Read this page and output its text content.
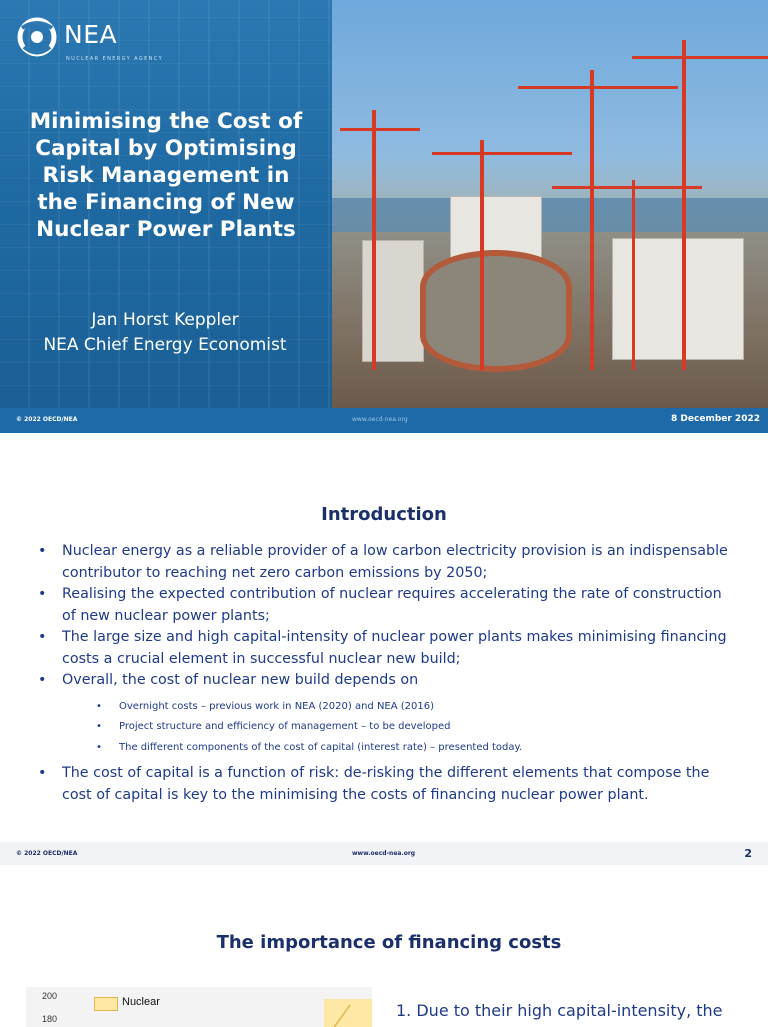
NEA
NUCLEAR ENERGY AGENCY
Minimising the Cost of
Capital by Optimising
Risk Management in
the Financing of New
Nuclear Power Plants
Jan Horst Keppler
NEA Chief Energy Economist
© 2022 OECD/NEA	www.oecd-nea.org	8 December 2022
Introduction
• Nuclear energy as a reliable provider of a low carbon electricity provision is an indispensable contributor to reaching net zero carbon emissions by 2050;
• Realising the expected contribution of nuclear requires accelerating the rate of construction of new nuclear power plants;
• The large size and high capital-intensity of nuclear power plants makes minimising financing costs a crucial element in successful nuclear new build;
• Overall, the cost of nuclear new build depends on
• Overnight costs – previous work in NEA (2020) and NEA (2016)
• Project structure and efficiency of management – to be developed
• The different components of the cost of capital (interest rate) – presented today.
• The cost of capital is a function of risk: de-risking the different elements that compose the cost of capital is key to the minimising the costs of financing nuclear power plant.
© 2022 OECD/NEA	www.oecd-nea.org	2
The importance of financing costs
200
180
Nuclear	1. Due to their high capital-intensity, the
